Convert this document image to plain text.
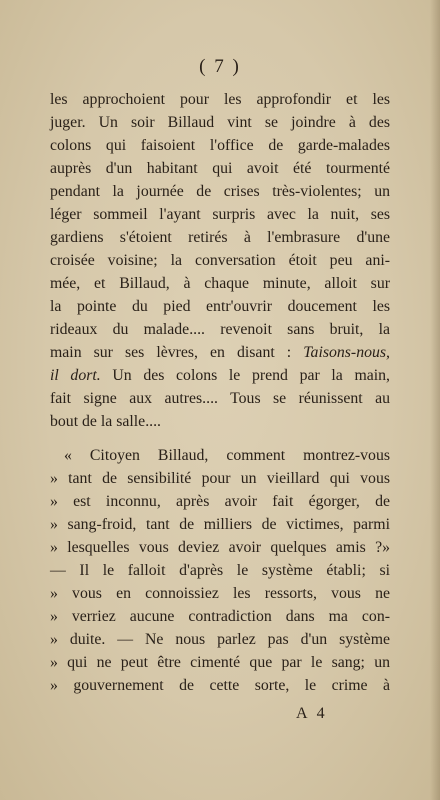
( 7 )
les approchoient pour les approfondir et les
juger. Un soir Billaud vint se joindre à des
colons qui faisoient l'office de garde-malades
auprès d'un habitant qui avoit été tourmenté
pendant la journée de crises très-violentes; un
léger sommeil l'ayant surpris avec la nuit, ses
gardiens s'étoient retirés à l'embrasure d'une
croisée voisine; la conversation étoit peu ani-
mée, et Billaud, à chaque minute, alloit sur
la pointe du pied entr'ouvrir doucement les
rideaux du malade.... revenoit sans bruit, la
main sur ses lèvres, en disant : Taisons-nous,
il dort. Un des colons le prend par la main,
fait signe aux autres.... Tous se réunissent au
bout de la salle....
« Citoyen Billaud, comment montrez-vous
» tant de sensibilité pour un vieillard qui vous
» est inconnu, après avoir fait égorger, de
» sang-froid, tant de milliers de victimes, parmi
» lesquelles vous deviez avoir quelques amis ?»
— Il le falloit d'après le système établi; si
» vous en connoissiez les ressorts, vous ne
» verriez aucune contradiction dans ma con-
» duite. — Ne nous parlez pas d'un système
» qui ne peut être cimenté que par le sang; un
» gouvernement de cette sorte, le crime à
A 4
